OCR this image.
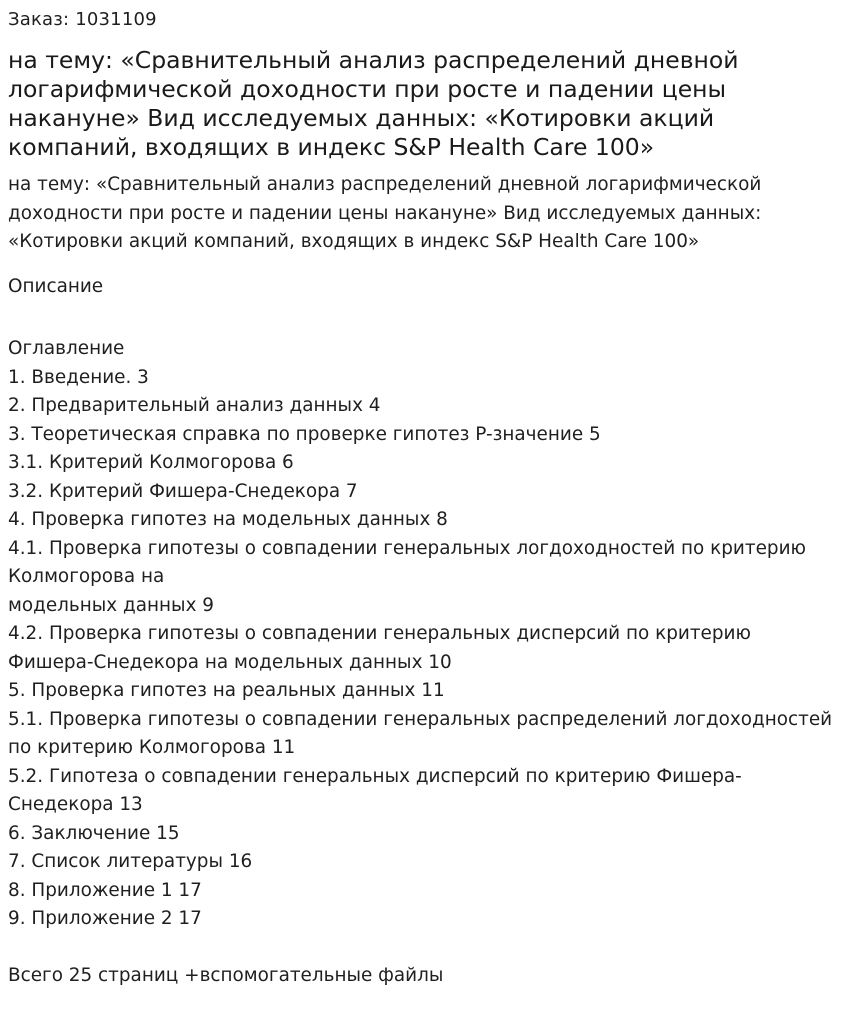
Заказ: 1031109
на тему: «Сравнительный анализ распределений дневной логарифмической доходности при росте и падении цены накануне» Вид исследуемых данных: «Котировки акций компаний, входящих в индекс S&P Health Care 100»
на тему: «Сравнительный анализ распределений дневной логарифмической доходности при росте и падении цены накануне» Вид исследуемых данных: «Котировки акций компаний, входящих в индекс S&P Health Care 100»
Описание
Оглавление
1. Введение. 3
2. Предварительный анализ данных 4
3. Теоретическая справка по проверке гипотез P-значение 5
3.1. Критерий Колмогорова 6
3.2. Критерий Фишера-Снедекора 7
4. Проверка гипотез на модельных данных 8
4.1. Проверка гипотезы о совпадении генеральных логдоходностей по критерию Колмогорова на
модельных данных 9
4.2. Проверка гипотезы о совпадении генеральных дисперсий по критерию Фишера-Снедекора на модельных данных 10
5. Проверка гипотез на реальных данных 11
5.1. Проверка гипотезы о совпадении генеральных распределений логдоходностей по критерию Колмогорова 11
5.2. Гипотеза о совпадении генеральных дисперсий по критерию Фишера-Снедекора 13
6. Заключение 15
7. Список литературы 16
8. Приложение 1 17
9. Приложение 2 17
Всего 25 страниц +вспомогательные файлы
